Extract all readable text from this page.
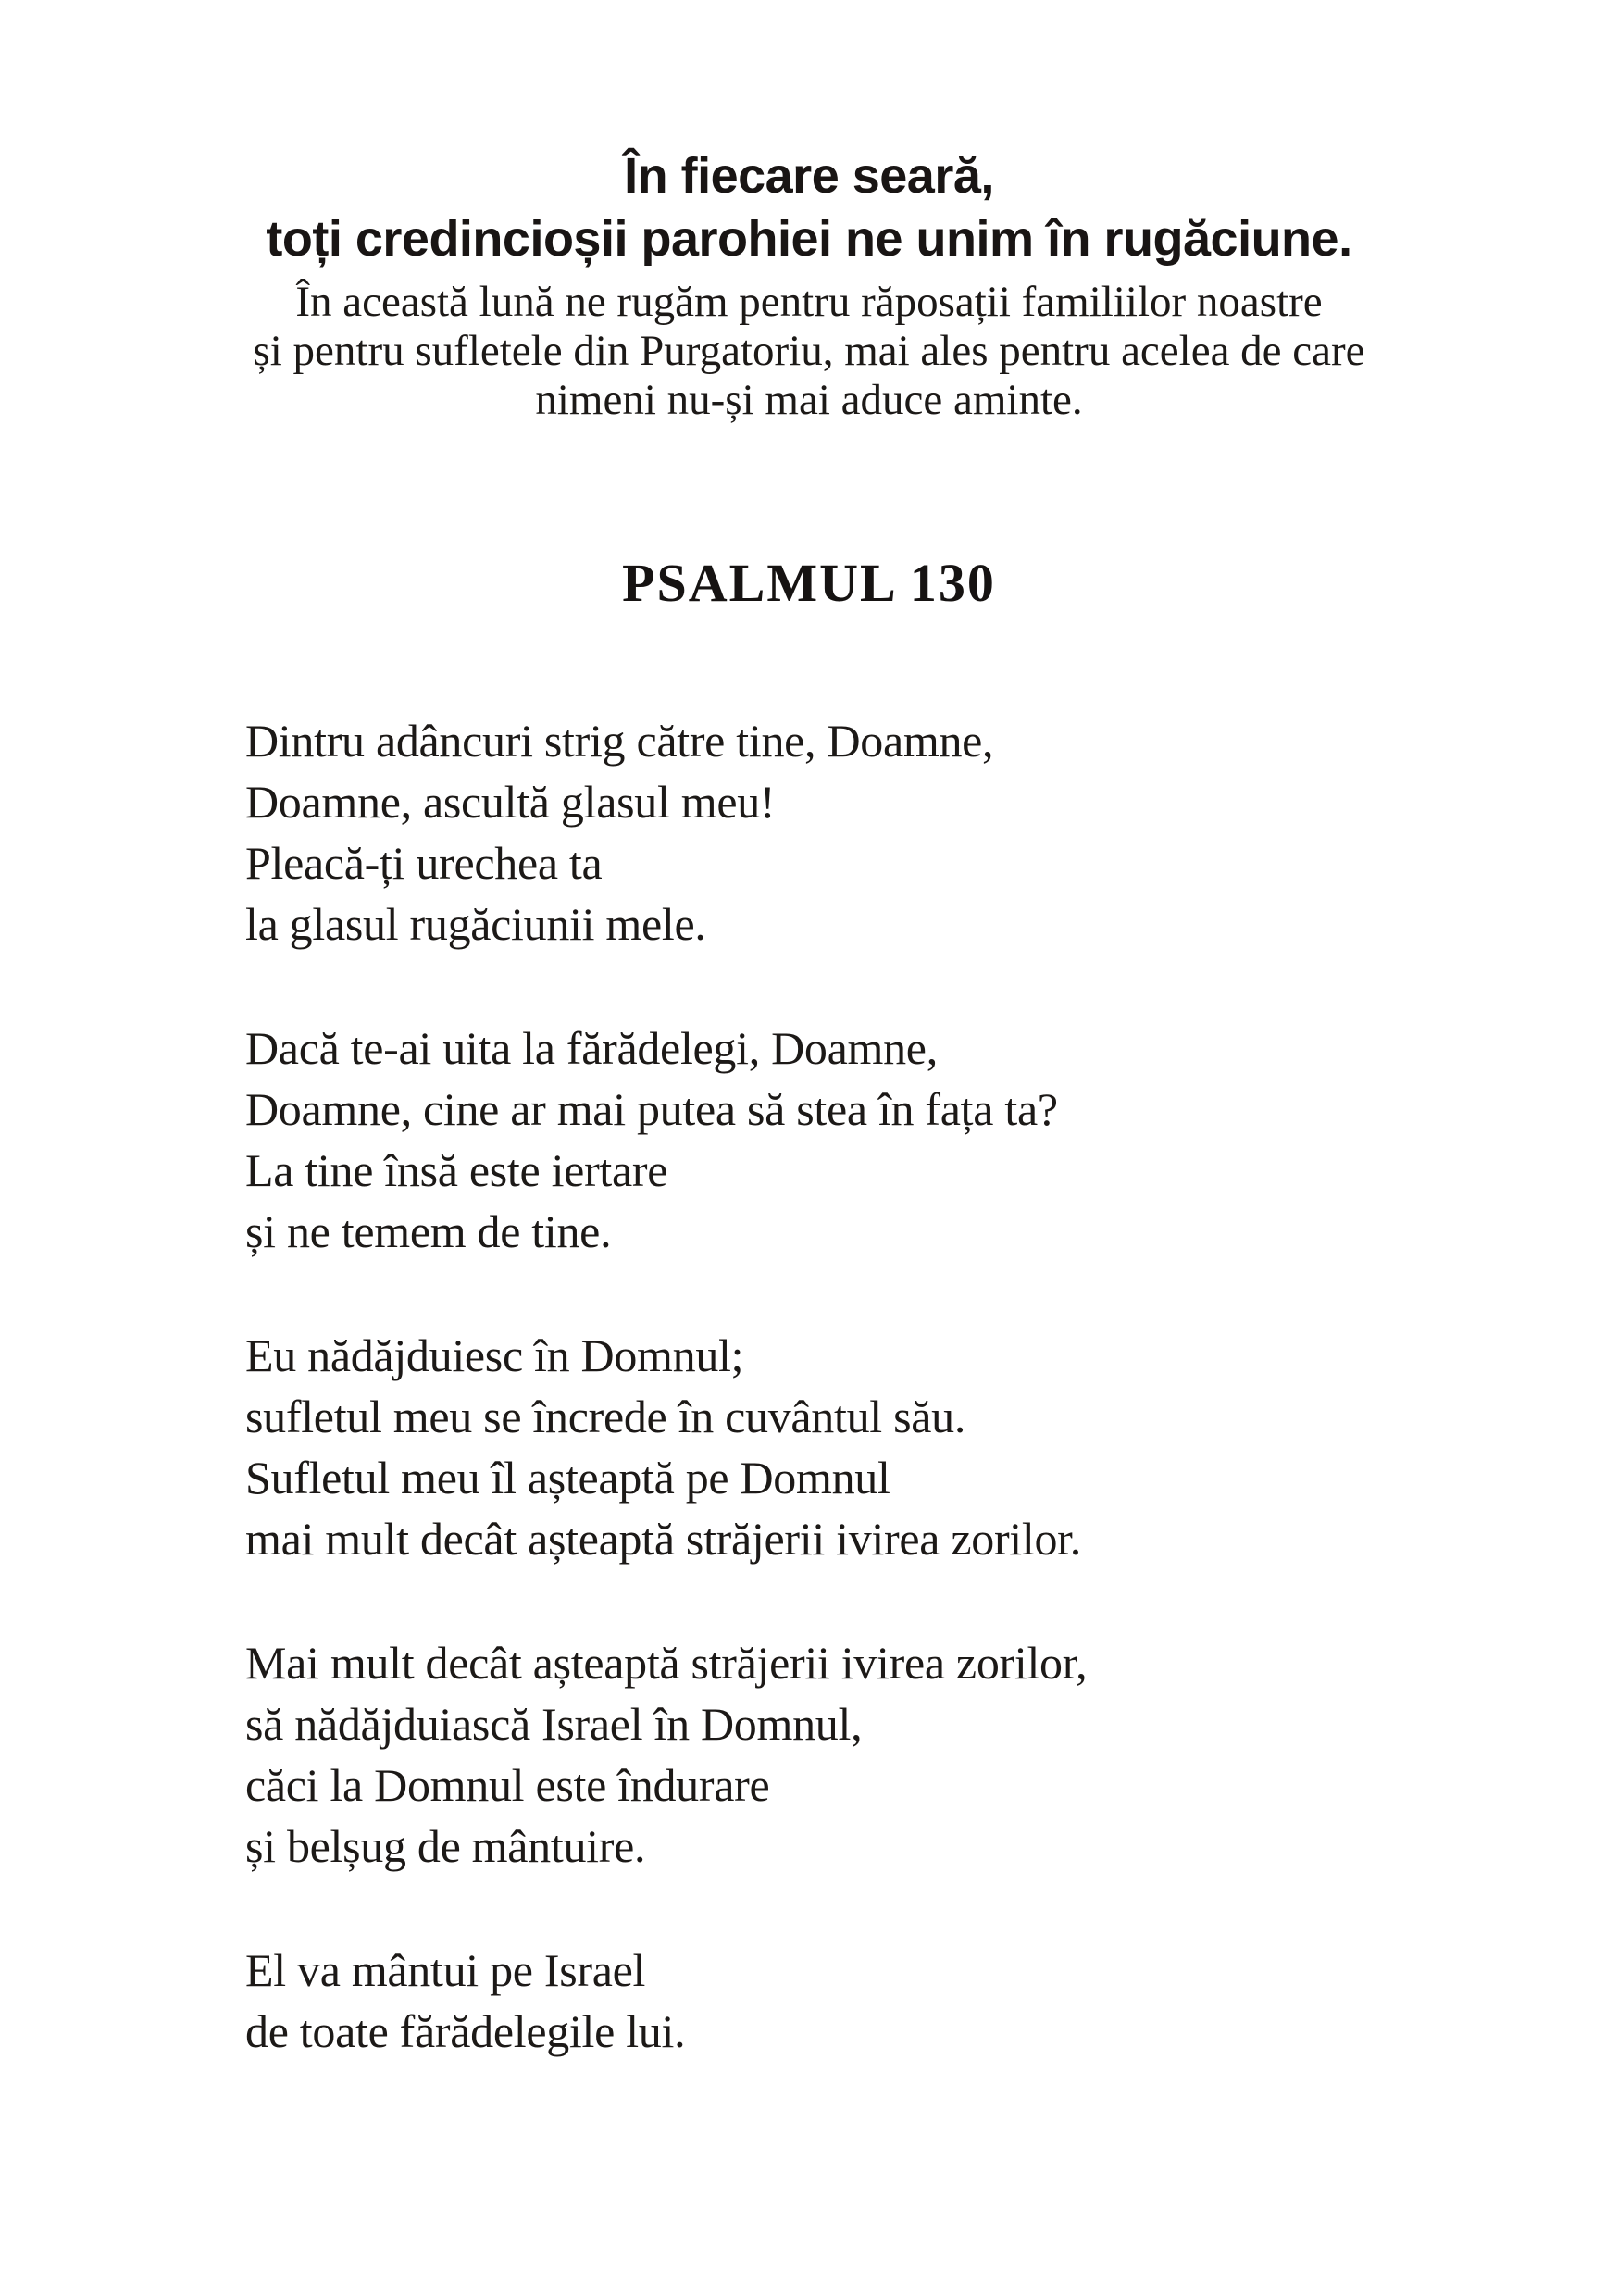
În fiecare seară,
toți credincioșii parohiei ne unim în rugăciune.
În această lună ne rugăm pentru răposații familiilor noastre
și pentru sufletele din Purgatoriu, mai ales pentru acelea de care
nimeni nu-și mai aduce aminte.
PSALMUL 130

Dintru adâncuri strig către tine, Doamne,
Doamne, ascultă glasul meu!
Pleacă-ți urechea ta
la glasul rugăciunii mele.

Dacă te-ai uita la fărădelegi, Doamne,
Doamne, cine ar mai putea să stea în fața ta?
La tine însă este iertare
și ne temem de tine.

Eu nădăjduiesc în Domnul;
sufletul meu se încrede în cuvântul său.
Sufletul meu îl așteaptă pe Domnul
mai mult decât așteaptă străjerii ivirea zorilor.

Mai mult decât așteaptă străjerii ivirea zorilor,
să nădăjduiască Israel în Domnul,
căci la Domnul este îndurare
și belșug de mântuire.

El va mântui pe Israel
de toate fărădelegile lui.
